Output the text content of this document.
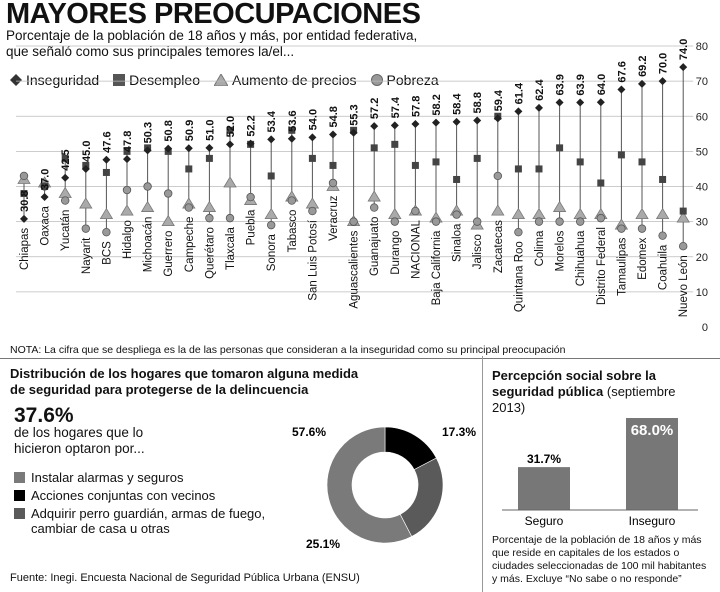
MAYORES PREOCUPACIONES
Porcentaje de la población de 18 años y más, por entidad federativa, que señaló como sus principales temores la/el...
Inseguridad Desempleo Aumento de precios Pobreza
0
10
20
30
40
50
60
70
80
30.8
Chiapas
37.0
Oaxaca
42.5
Yucatán
45.0
Nayarit
47.6
BCS
47.8
Hidalgo
50.3
Michoacán
50.8
Guerrero
50.9
Campeche
51.0
Querétaro
52.0
Tlaxcala
52.2
Puebla
53.4
Sonora
53.6
Tabasco
54.0
San Luis Potosí
54.8
Veracruz
55.3
Aguascalientes
57.2
Guanajuato
57.4
Durango
57.8
NACIONAL
58.2
Baja California
58.4
Sinaloa
58.8
Jalisco
59.4
Zacatecas
61.4
Quintana Roo
62.4
Colima
63.9
Morelos
63.9
Chihuahua
64.0
Distrito Federal
67.6
Tamaulipas
69.2
Edomex
70.0
Coahuila
74.0
Nuevo León
NOTA: La cifra que se despliega es la de las personas que consideran a la inseguridad como su principal preocupación
Distribución de los hogares que tomaron alguna medida de seguridad para protegerse de la delincuencia
37.6%
de los hogares que lo hicieron optaron por...
Instalar alarmas y seguros
Acciones conjuntas con vecinos
Adquirir perro guardián, armas de fuego, cambiar de casa u otras
17.3%
57.6%
25.1%
Fuente: Inegi. Encuesta Nacional de Seguridad Pública Urbana (ENSU)
Percepción social sobre la seguridad pública (septiembre 2013)
31.7%
Seguro
68.0%
Inseguro
Porcentaje de la población de 18 años y más que reside en capitales de los estados o ciudades seleccionadas de 100 mil habitantes y más. Excluye “No sabe o no responde”
